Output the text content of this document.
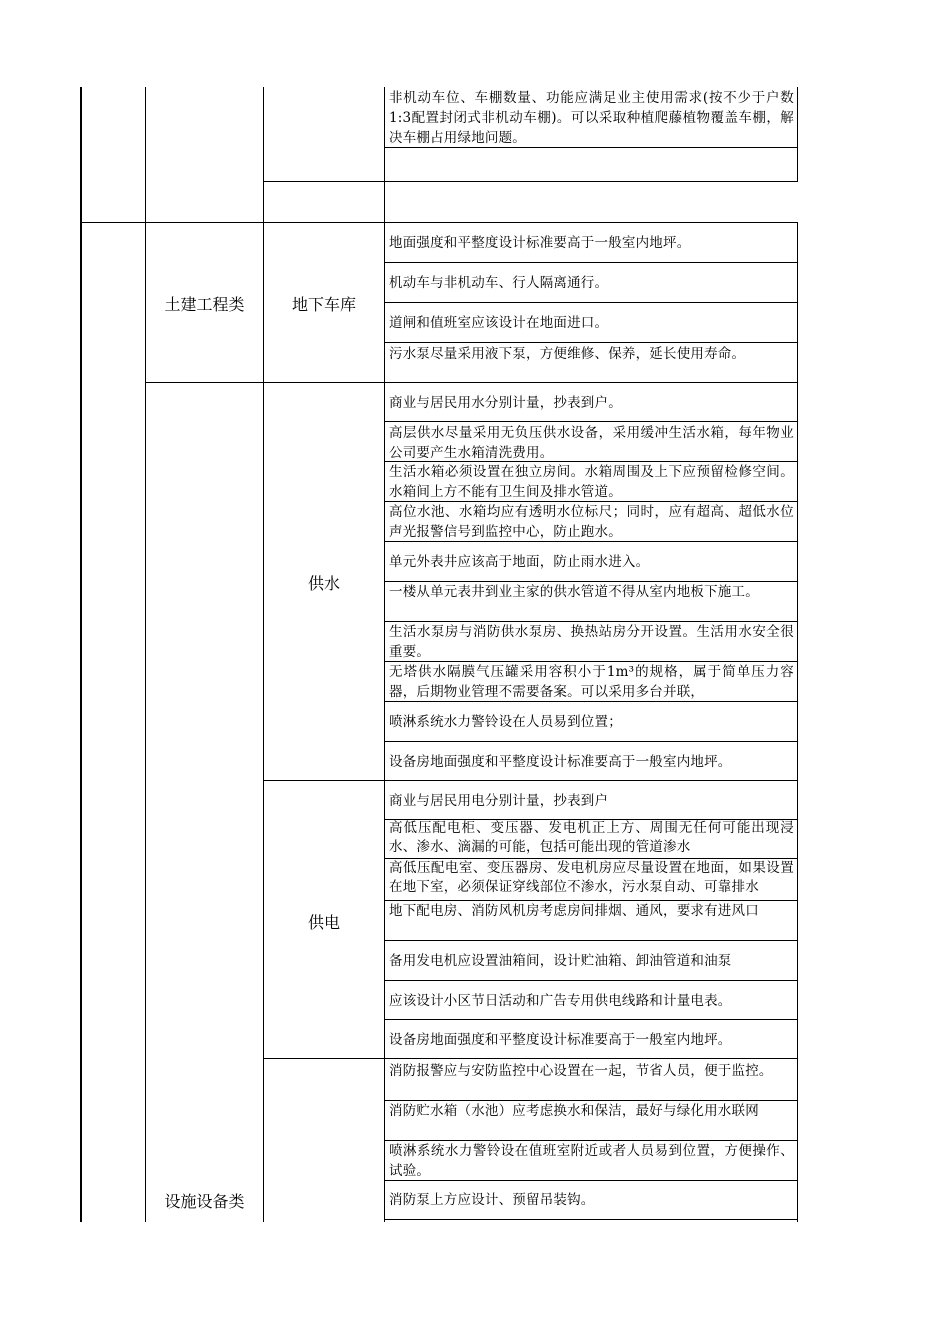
非机动车位、车棚数量、功能应满足业主使用需求(按不少于户数1:3配置封闭式非机动车棚)。可以采取种植爬藤植物覆盖车棚，解决车棚占用绿地问题。
土建工程类	地下车库
地面强度和平整度设计标准要高于一般室内地坪。
机动车与非机动车、行人隔离通行。
道闸和值班室应该设计在地面进口。
污水泵尽量采用液下泵，方便维修、保养，延长使用寿命。
设施设备类
供水
商业与居民用水分别计量，抄表到户。
高层供水尽量采用无负压供水设备，采用缓冲生活水箱，每年物业公司要产生水箱清洗费用。
生活水箱必须设置在独立房间。水箱周围及上下应预留检修空间。水箱间上方不能有卫生间及排水管道。
高位水池、水箱均应有透明水位标尺；同时，应有超高、超低水位声光报警信号到监控中心，防止跑水。
单元外表井应该高于地面，防止雨水进入。
一楼从单元表井到业主家的供水管道不得从室内地板下施工。
生活水泵房与消防供水泵房、换热站房分开设置。生活用水安全很重要。
无塔供水隔膜气压罐采用容积小于1m³的规格，属于简单压力容器，后期物业管理不需要备案。可以采用多台并联，
喷淋系统水力警铃设在人员易到位置；
设备房地面强度和平整度设计标准要高于一般室内地坪。
供电
商业与居民用电分别计量，抄表到户
高低压配电柜、变压器、发电机正上方、周围无任何可能出现浸水、渗水、滴漏的可能，包括可能出现的管道渗水
高低压配电室、变压器房、发电机房应尽量设置在地面，如果设置在地下室，必须保证穿线部位不渗水，污水泵自动、可靠排水
地下配电房、消防风机房考虑房间排烟、通风，要求有进风口
备用发电机应设置油箱间，设计贮油箱、卸油管道和油泵
应该设计小区节日活动和广告专用供电线路和计量电表。
设备房地面强度和平整度设计标准要高于一般室内地坪。
消防报警应与安防监控中心设置在一起，节省人员，便于监控。
消防贮水箱（水池）应考虑换水和保洁，最好与绿化用水联网
喷淋系统水力警铃设在值班室附近或者人员易到位置，方便操作、试验。
消防泵上方应设计、预留吊装钩。
